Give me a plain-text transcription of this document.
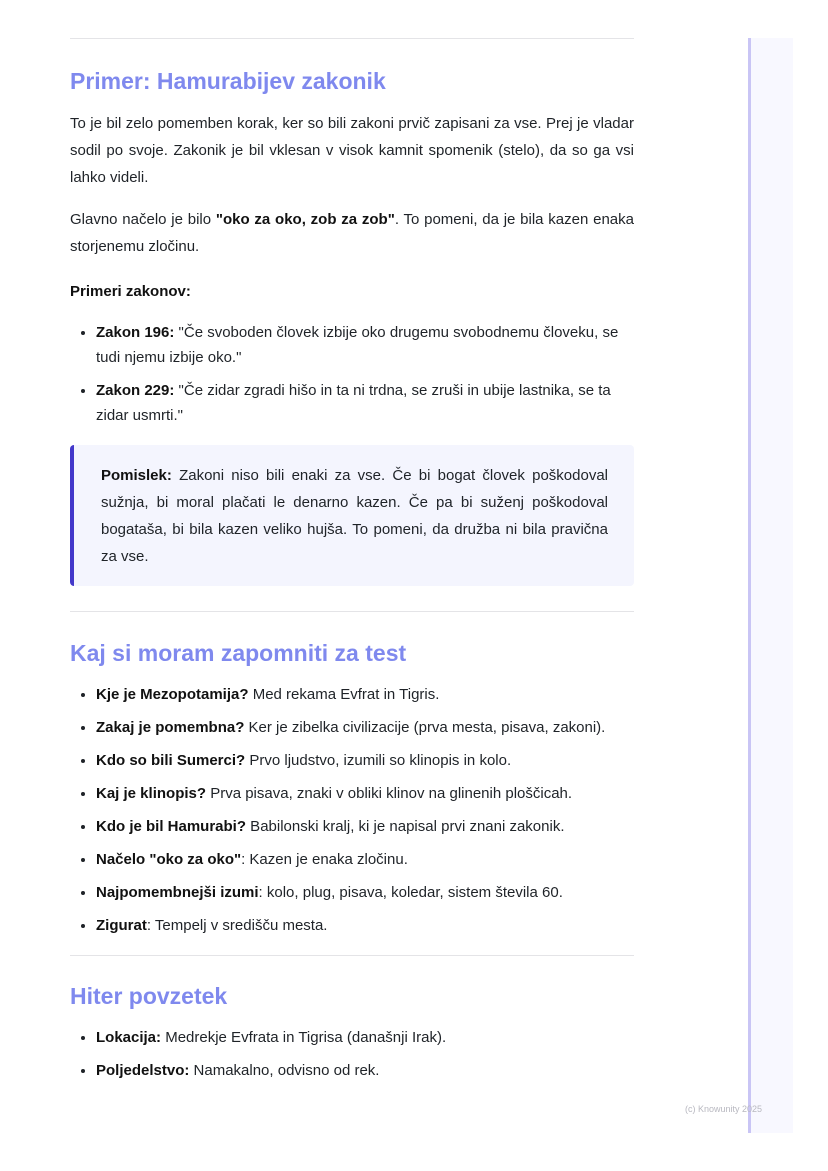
Primer: Hamurabijev zakonik

To je bil zelo pomemben korak, ker so bili zakoni prvič zapisani za vse. Prej je vladar sodil po svoje. Zakonik je bil vklesan v visok kamnit spomenik (stelo), da so ga vsi lahko videli.

Glavno načelo je bilo "oko za oko, zob za zob". To pomeni, da je bila kazen enaka storjenemu zločinu.

Primeri zakonov:

• Zakon 196: "Če svoboden človek izbije oko drugemu svobodnemu človeku, se tudi njemu izbije oko."
• Zakon 229: "Če zidar zgradi hišo in ta ni trdna, se zruši in ubije lastnika, se ta zidar usmrti."

Pomislek: Zakoni niso bili enaki za vse. Če bi bogat človek poškodoval sužnja, bi moral plačati le denarno kazen. Če pa bi suženj poškodoval bogataša, bi bila kazen veliko hujša. To pomeni, da družba ni bila pravična za vse.

Kaj si moram zapomniti za test
• Kje je Mezopotamija? Med rekama Evfrat in Tigris.
• Zakaj je pomembna? Ker je zibelka civilizacije (prva mesta, pisava, zakoni).
• Kdo so bili Sumerci? Prvo ljudstvo, izumili so klinopis in kolo.
• Kaj je klinopis? Prva pisava, znaki v obliki klinov na glinenih ploščicah.
• Kdo je bil Hamurabi? Babilonski kralj, ki je napisal prvi znani zakonik.
• Načelo "oko za oko": Kazen je enaka zločinu.
• Najpomembnejši izumi: kolo, plug, pisava, koledar, sistem števila 60.
• Zigurat: Tempelj v središču mesta.
Hiter povzetek
• Lokacija: Medrekje Evfrata in Tigrisa (današnji Irak).
• Poljedelstvo: Namakalno, odvisno od rek.
(c) Knowunity 2025
